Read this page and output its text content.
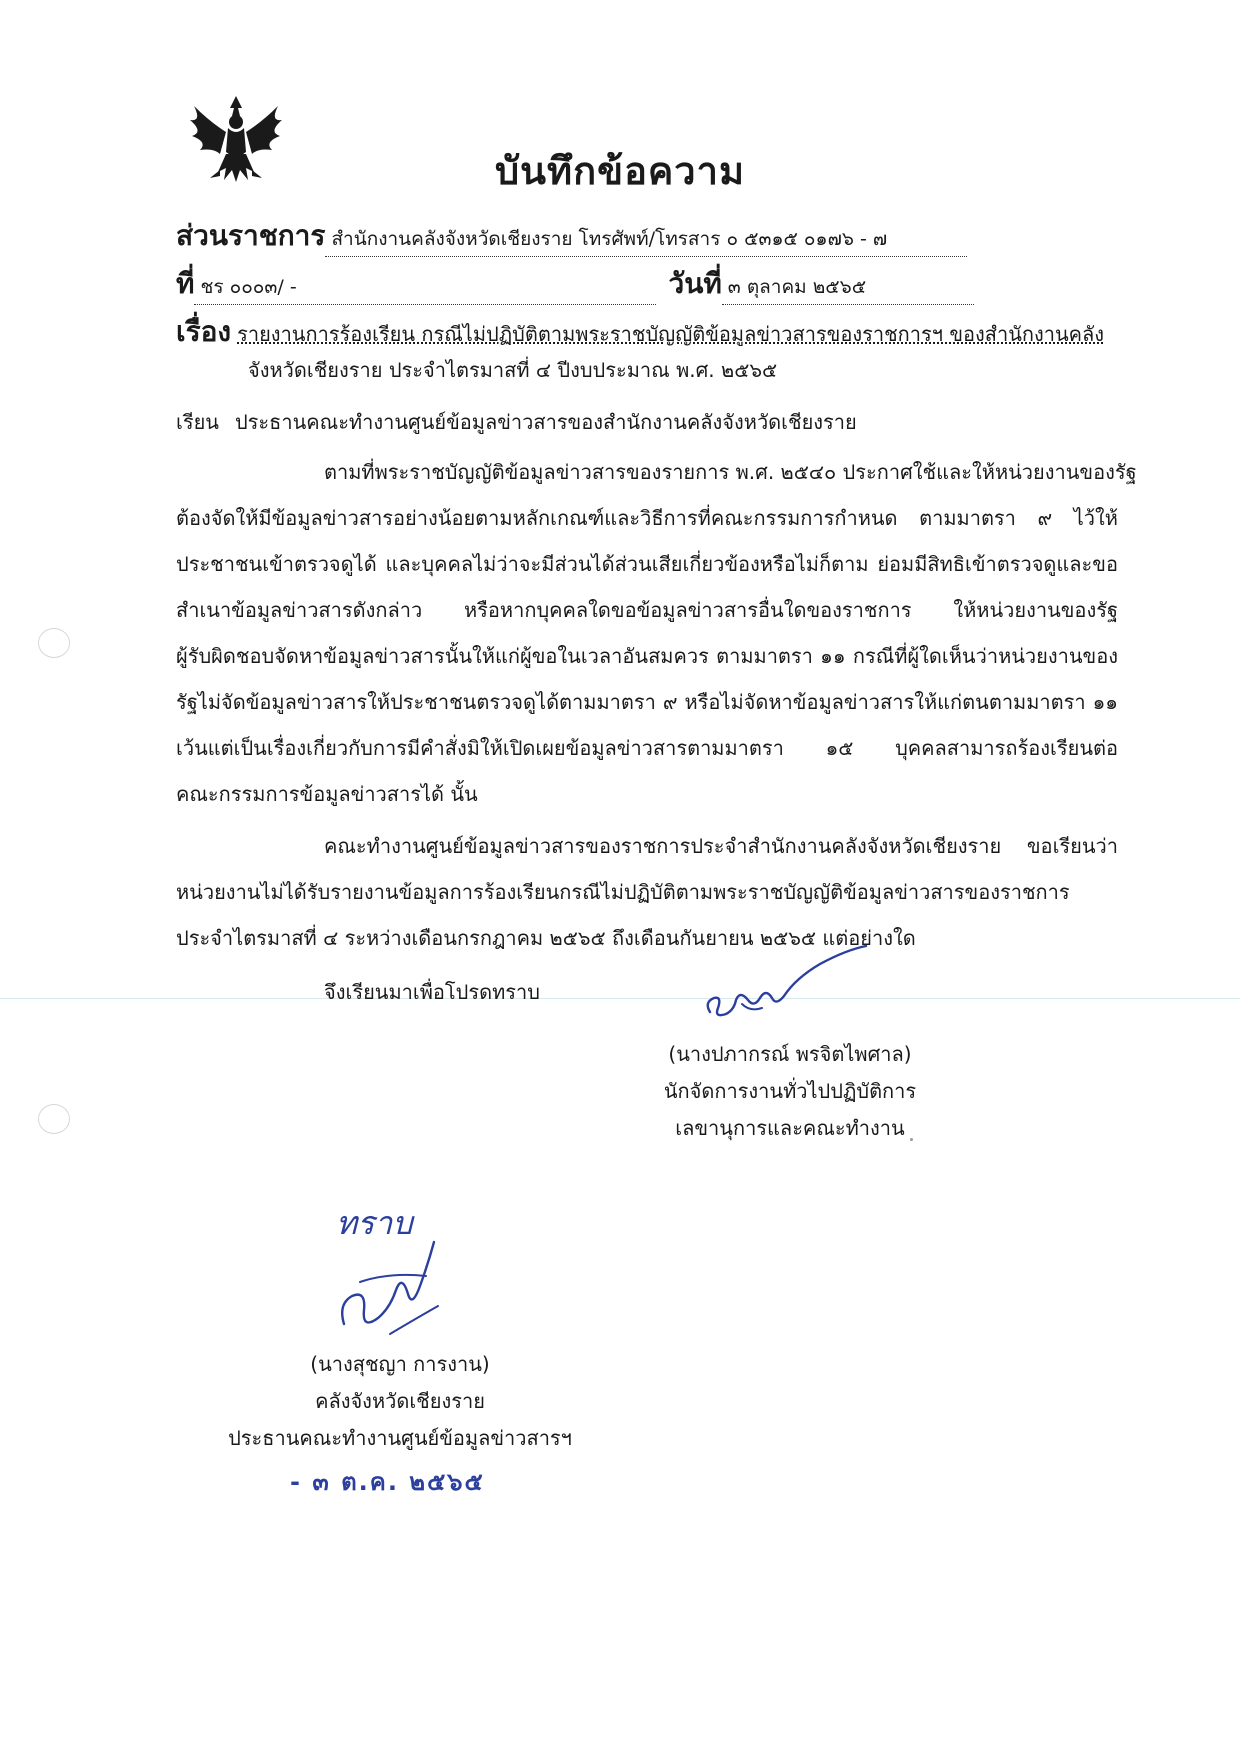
บันทึกข้อความ
ส่วนราชการ สำนักงานคลังจังหวัดเชียงราย โทรศัพท์/โทรสาร ๐ ๕๓๑๕ ๐๑๗๖ - ๗
ที่ ชร ๐๐๐๓/ -	วันที่ ๓ ตุลาคม ๒๕๖๕
เรื่อง รายงานการร้องเรียน กรณีไม่ปฏิบัติตามพระราชบัญญัติข้อมูลข่าวสารของราชการฯ ของสำนักงานคลัง
จังหวัดเชียงราย ประจำไตรมาสที่ ๔ ปีงบประมาณ พ.ศ. ๒๕๖๕
เรียน ประธานคณะทำงานศูนย์ข้อมูลข่าวสารของสำนักงานคลังจังหวัดเชียงราย
ตามที่พระราชบัญญัติข้อมูลข่าวสารของรายการ พ.ศ. ๒๕๔๐ ประกาศใช้และให้หน่วยงานของรัฐ
ต้องจัดให้มีข้อมูลข่าวสารอย่างน้อยตามหลักเกณฑ์และวิธีการที่คณะกรรมการกำหนด ตามมาตรา ๙ ไว้ให้
ประชาชนเข้าตรวจดูได้ และบุคคลไม่ว่าจะมีส่วนได้ส่วนเสียเกี่ยวข้องหรือไม่ก็ตาม ย่อมมีสิทธิเข้าตรวจดูและขอ
สำเนาข้อมูลข่าวสารดังกล่าว หรือหากบุคคลใดขอข้อมูลข่าวสารอื่นใดของราชการ ให้หน่วยงานของรัฐ
ผู้รับผิดชอบจัดหาข้อมูลข่าวสารนั้นให้แก่ผู้ขอในเวลาอันสมควร ตามมาตรา ๑๑ กรณีที่ผู้ใดเห็นว่าหน่วยงานของ
รัฐไม่จัดข้อมูลข่าวสารให้ประชาชนตรวจดูได้ตามมาตรา ๙ หรือไม่จัดหาข้อมูลข่าวสารให้แก่ตนตามมาตรา ๑๑
เว้นแต่เป็นเรื่องเกี่ยวกับการมีคำสั่งมิให้เปิดเผยข้อมูลข่าวสารตามมาตรา ๑๕ บุคคลสามารถร้องเรียนต่อ
คณะกรรมการข้อมูลข่าวสารได้ นั้น
คณะทำงานศูนย์ข้อมูลข่าวสารของราชการประจำสำนักงานคลังจังหวัดเชียงราย ขอเรียนว่า
หน่วยงานไม่ได้รับรายงานข้อมูลการร้องเรียนกรณีไม่ปฏิบัติตามพระราชบัญญัติข้อมูลข่าวสารของราชการ
ประจำไตรมาสที่ ๔ ระหว่างเดือนกรกฎาคม ๒๕๖๕ ถึงเดือนกันยายน ๒๕๖๕ แต่อย่างใด
จึงเรียนมาเพื่อโปรดทราบ
(นางปภากรณ์ พรจิตไพศาล)
นักจัดการงานทั่วไปปฏิบัติการ
เลขานุการและคณะทำงาน
ทราบ
(นางสุชญา การงาน)
คลังจังหวัดเชียงราย
ประธานคณะทำงานศูนย์ข้อมูลข่าวสารฯ
- ๓ ต.ค. ๒๕๖๕
